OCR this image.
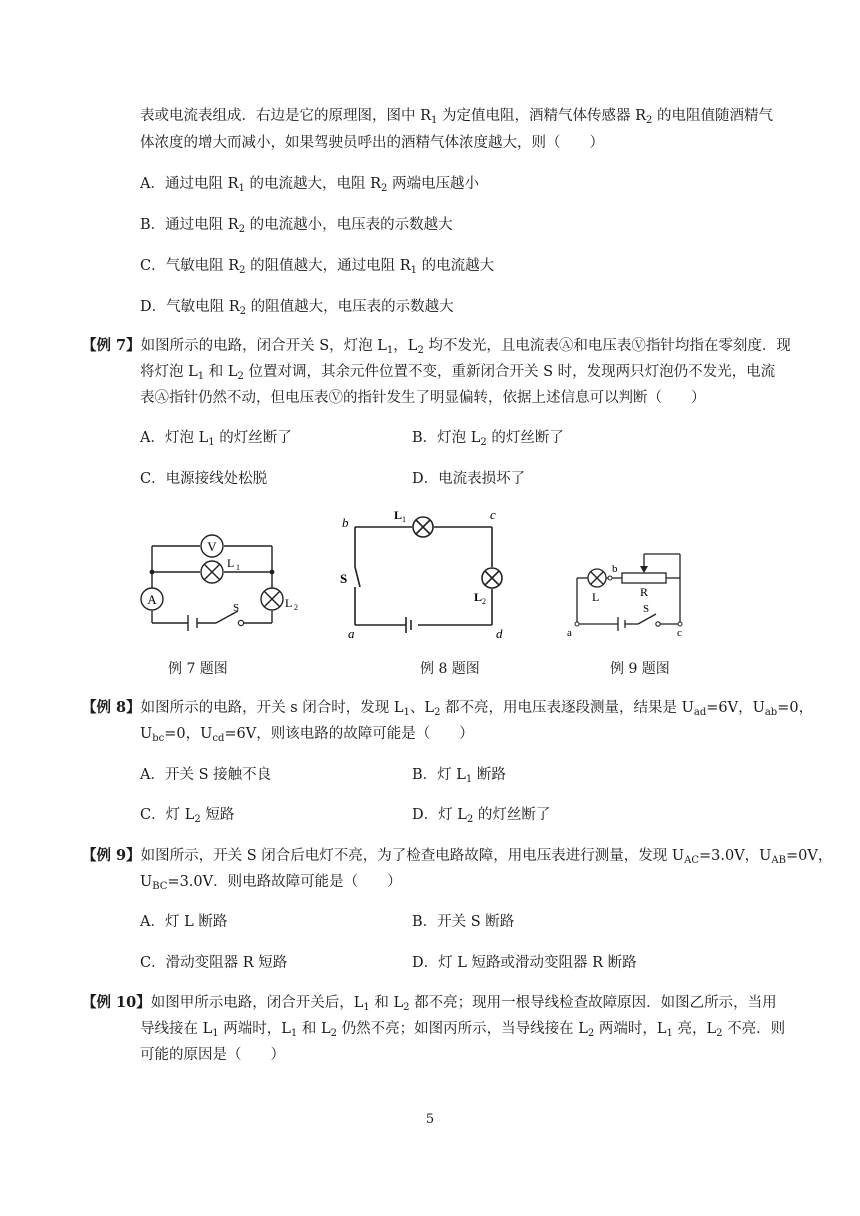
表或电流表组成．右边是它的原理图，图中 $R_1$ 为定值电阻，酒精气体传感器 $R_2$ 的电阻值随酒精气
体浓度的增大而减小，如果驾驶员呼出的酒精气体浓度越大，则（　　）
A．通过电阻 $R_1$ 的电流越大，电阻 $R_2$ 两端电压越小
B．通过电阻 $R_2$ 的电流越小，电压表的示数越大
C．气敏电阻 $R_2$ 的阻值越大，通过电阻 $R_1$ 的电流越大
D．气敏电阻 $R_2$ 的阻值越大，电压表的示数越大
【例 7】如图所示的电路，闭合开关 S，灯泡 $L_1$，$L_2$ 均不发光，且电流表Ⓐ和电压表Ⓥ指针均指在零刻度．现
将灯泡 $L_1$ 和 $L_2$ 位置对调，其余元件位置不变，重新闭合开关 S 时，发现两只灯泡仍不发光，电流
表Ⓐ指针仍然不动，但电压表Ⓥ的指针发生了明显偏转，依据上述信息可以判断（　　）
A．灯泡 $L_1$ 的灯丝断了	B．灯泡 $L_2$ 的灯丝断了
C．电源接线处松脱	D．电流表损坏了
V
L 1
A	L 2
S
例 7 题图
b
c
a	d
S
L 1
L 2
例 8 题图
L	R
S
a
b
c
例 9 题图
【例 8】如图所示的电路，开关 s 闭合时，发现 $L_1$、$L_2$ 都不亮，用电压表逐段测量，结果是 $U_{ad}=6V$，$U_{ab}=0$，
$U_{bc}=0$，$U_{cd}=6V$，则该电路的故障可能是（　　）
A．开关 S 接触不良	B．灯 $L_1$ 断路
C．灯 $L_2$ 短路	D．灯 $L_2$ 的灯丝断了
【例 9】如图所示，开关 S 闭合后电灯不亮，为了检查电路故障，用电压表进行测量，发现 $U_{AC}=3.0V$，$U_{AB}=0V$，
$U_{BC}=3.0V$．则电路故障可能是（　　）
A．灯 L 断路	B．开关 S 断路
C．滑动变阻器 R 短路	D．灯 L 短路或滑动变阻器 R 断路
【例 10】如图甲所示电路，闭合开关后，$L_1$ 和 $L_2$ 都不亮；现用一根导线检查故障原因．如图乙所示，当用
导线接在 $L_1$ 两端时，$L_1$ 和 $L_2$ 仍然不亮；如图丙所示，当导线接在 $L_2$ 两端时，$L_1$ 亮，$L_2$ 不亮．则
可能的原因是（　　）
5
